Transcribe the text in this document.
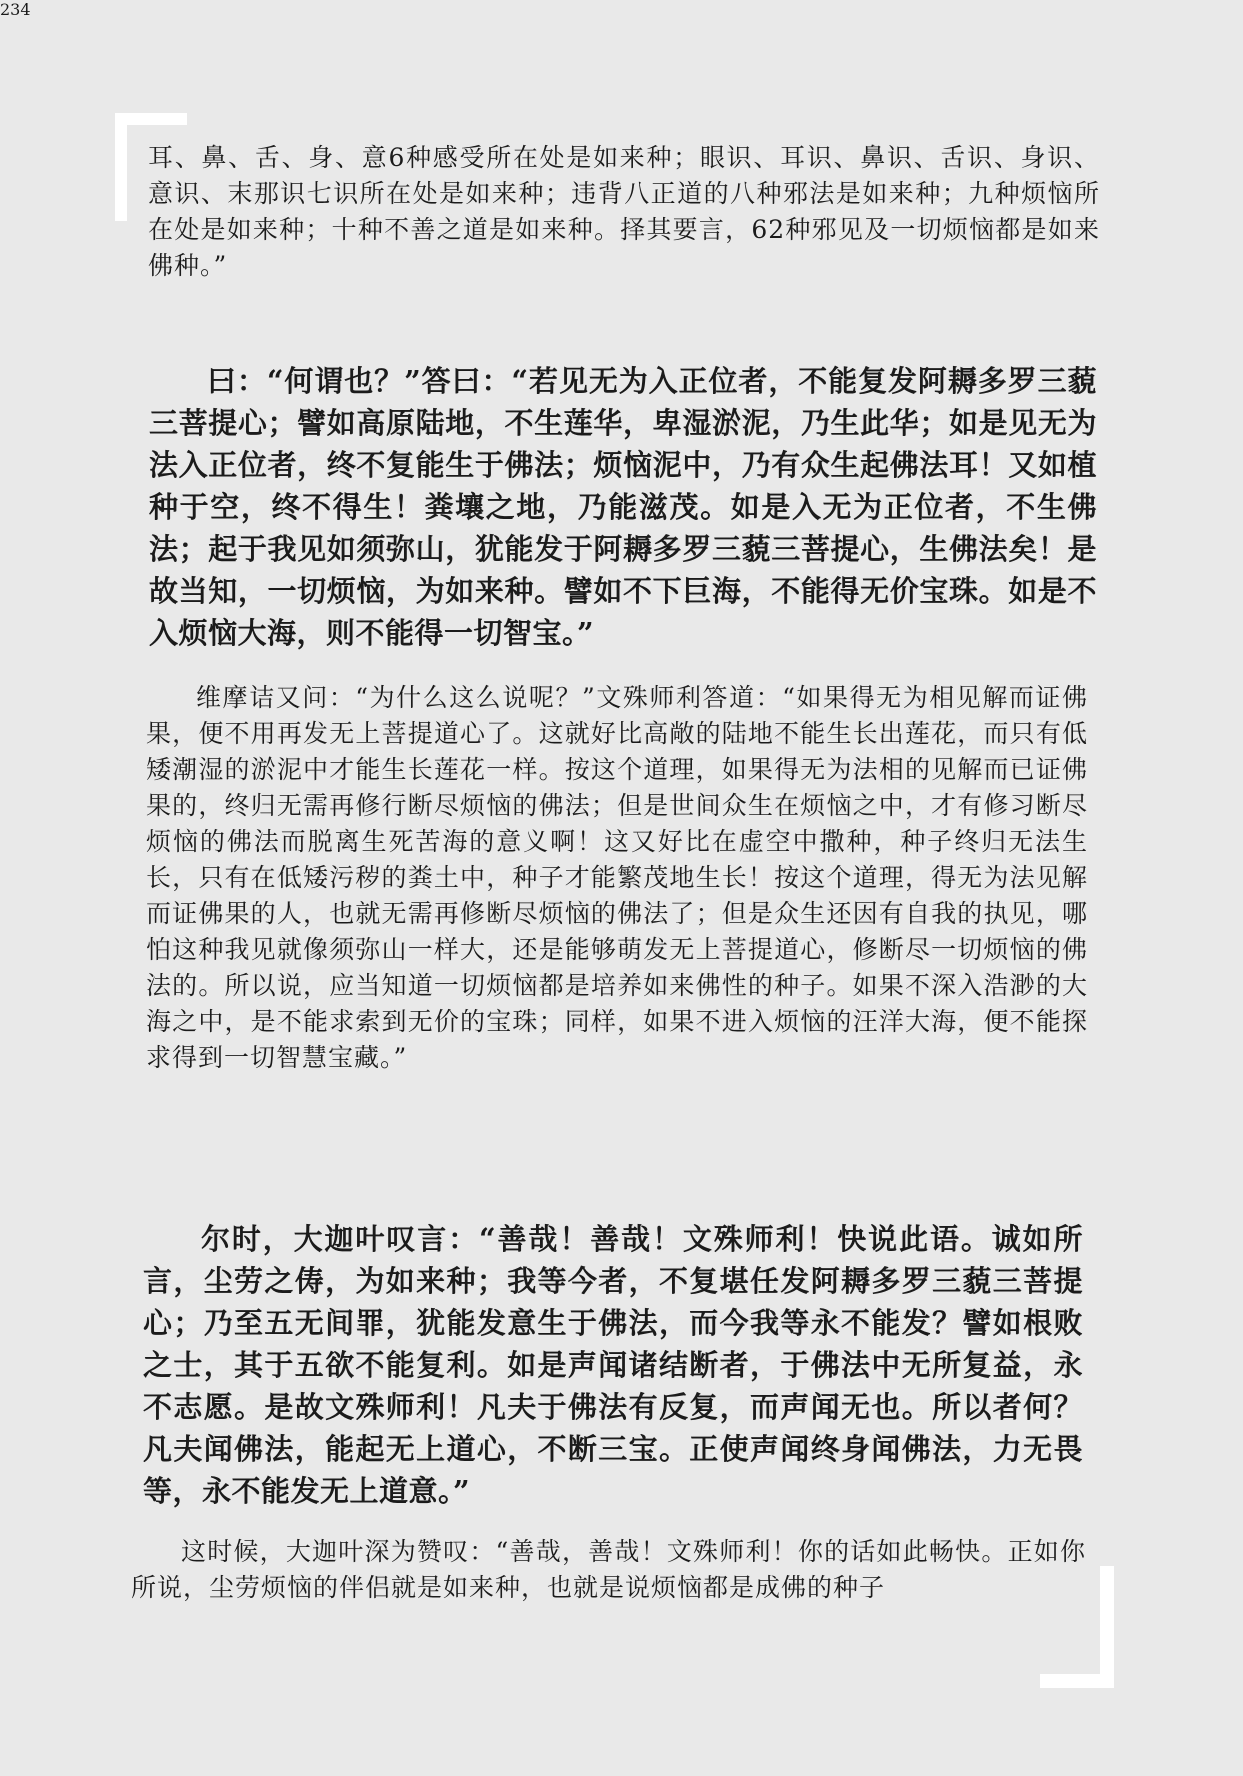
耳、鼻、舌、身、意6种感受所在处是如来种；眼识、耳识、鼻识、舌识、身识、意识、末那识七识所在处是如来种；违背八正道的八种邪法是如来种；九种烦恼所在处是如来种；十种不善之道是如来种。择其要言，62种邪见及一切烦恼都是如来佛种。”

曰：“何谓也？”答曰：“若见无为入正位者，不能复发阿耨多罗三藐三菩提心；譬如高原陆地，不生莲华，卑湿淤泥，乃生此华；如是见无为法入正位者，终不复能生于佛法；烦恼泥中，乃有众生起佛法耳！又如植种于空，终不得生！粪壤之地，乃能滋茂。如是入无为正位者，不生佛法；起于我见如须弥山，犹能发于阿耨多罗三藐三菩提心，生佛法矣！是故当知，一切烦恼，为如来种。譬如不下巨海，不能得无价宝珠。如是不入烦恼大海，则不能得一切智宝。”

维摩诘又问：“为什么这么说呢？”文殊师利答道：“如果得无为相见解而证佛果，便不用再发无上菩提道心了。这就好比高敞的陆地不能生长出莲花，而只有低矮潮湿的淤泥中才能生长莲花一样。按这个道理，如果得无为法相的见解而已证佛果的，终归无需再修行断尽烦恼的佛法；但是世间众生在烦恼之中，才有修习断尽烦恼的佛法而脱离生死苦海的意义啊！这又好比在虚空中撒种，种子终归无法生长，只有在低矮污秽的粪土中，种子才能繁茂地生长！按这个道理，得无为法见解而证佛果的人，也就无需再修断尽烦恼的佛法了；但是众生还因有自我的执见，哪怕这种我见就像须弥山一样大，还是能够萌发无上菩提道心，修断尽一切烦恼的佛法的。所以说，应当知道一切烦恼都是培养如来佛性的种子。如果不深入浩渺的大海之中，是不能求索到无价的宝珠；同样，如果不进入烦恼的汪洋大海，便不能探求得到一切智慧宝藏。”

尔时，大迦叶叹言：“善哉！善哉！文殊师利！快说此语。诚如所言，尘劳之俦，为如来种；我等今者，不复堪任发阿耨多罗三藐三菩提心；乃至五无间罪，犹能发意生于佛法，而今我等永不能发？譬如根败之士，其于五欲不能复利。如是声闻诸结断者，于佛法中无所复益，永不志愿。是故文殊师利！凡夫于佛法有反复，而声闻无也。所以者何？凡夫闻佛法，能起无上道心，不断三宝。正使声闻终身闻佛法，力无畏等，永不能发无上道意。”

这时候，大迦叶深为赞叹：“善哉，善哉！文殊师利！你的话如此畅快。正如你所说，尘劳烦恼的伴侣就是如来种，也就是说烦恼都是成佛的种子

234
